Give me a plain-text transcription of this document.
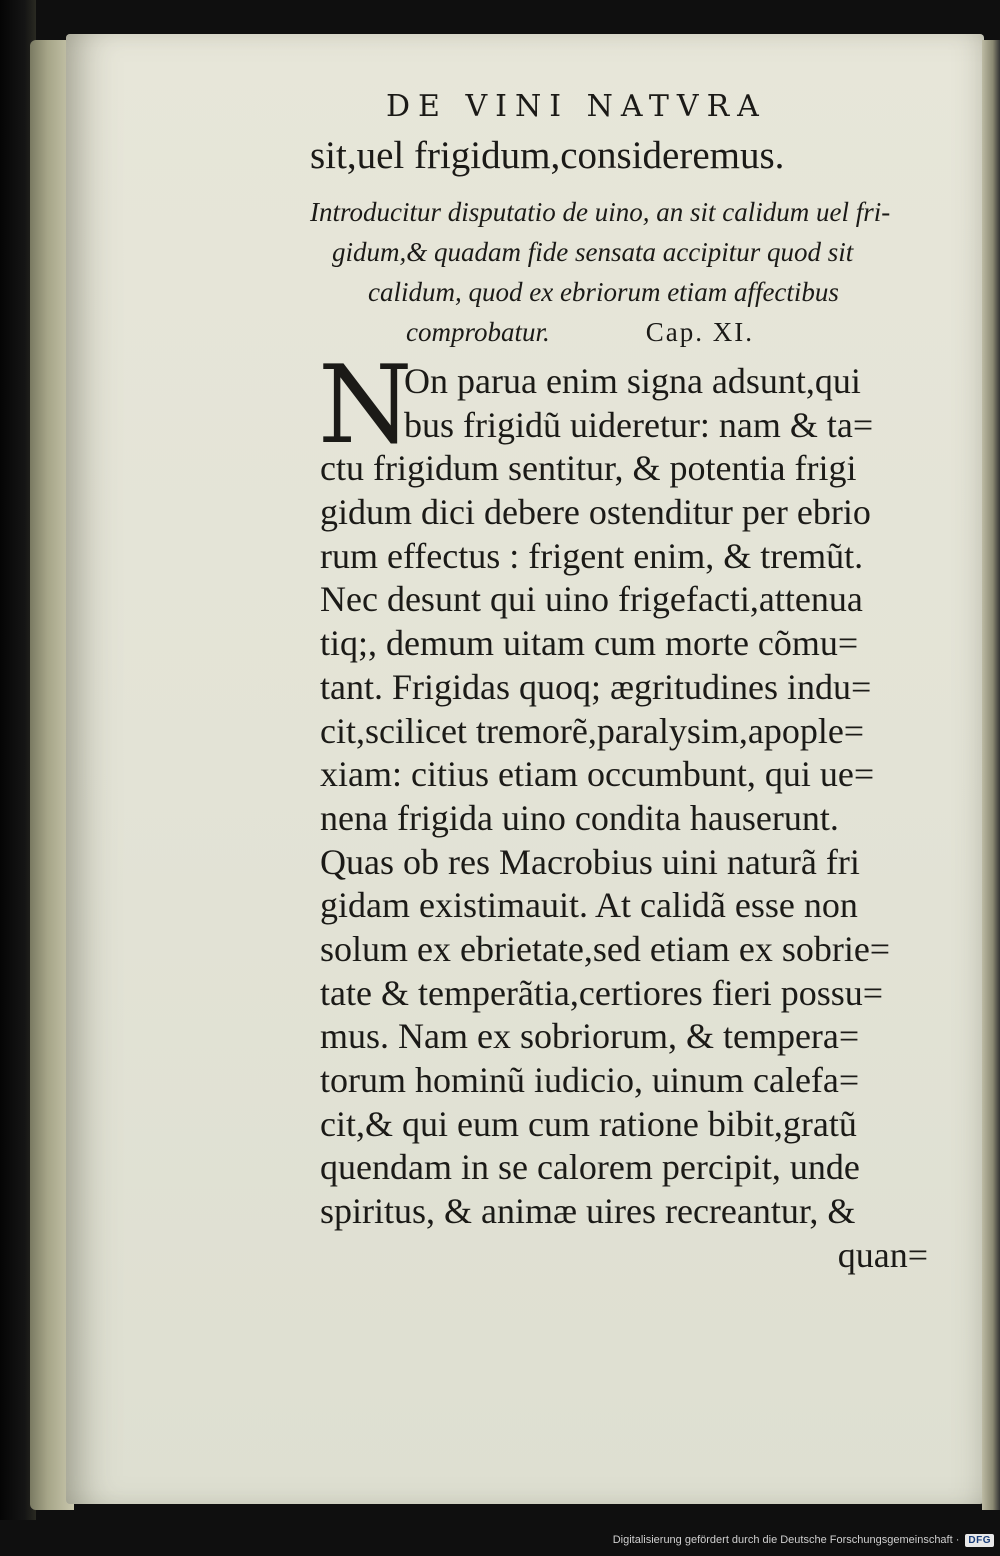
DE VINI NATVRA
sit,uel frigidum,consideremus.
Introducitur disputatio de uino, an sit calidum uel fri‐
gidum,& quadam fide sensata accipitur quod sit
calidum, quod ex ebriorum etiam affectibus
comprobatur.	Cap. XI.
N
On parua enim signa adsunt,qui
bus frigidũ uideretur: nam & ta=
ctu frigidum sentitur, & potentia frigi
gidum dici debere ostenditur per ebrio
rum effectus : frigent enim, & tremũt.
Nec desunt qui uino frigefacti,attenua
tiq;, demum uitam cum morte cõmu=
tant. Frigidas quoq; ægritudines indu=
cit,scilicet tremorẽ,paralysim,apople=
xiam: citius etiam occumbunt, qui ue=
nena frigida uino condita hauserunt.
Quas ob res Macrobius uini naturã fri
gidam existimauit. At calidã esse non
solum ex ebrietate,sed etiam ex sobrie=
tate & temperãtia,certiores fieri possu=
mus. Nam ex sobriorum, & tempera=
torum hominũ iudicio, uinum calefa=
cit,& qui eum cum ratione bibit,gratũ
quendam in se calorem percipit, unde
spiritus, & animæ uires recreantur, &
quan=
Digitalisierung gefördert durch die Deutsche Forschungsgemeinschaft · DFG
